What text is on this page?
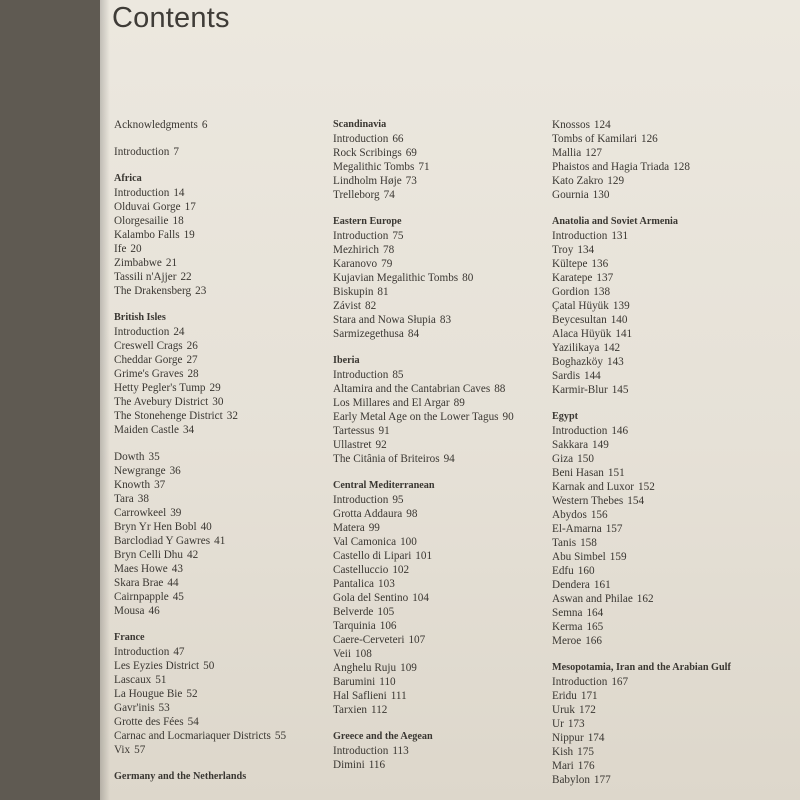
Contents
Acknowledgments 6
Introduction 7
Africa
Introduction 14
Olduvai Gorge 17
Olorgesailie 18
Kalambo Falls 19
Ife 20
Zimbabwe 21
Tassili n'Ajjer 22
The Drakensberg 23
British Isles
Introduction 24
Creswell Crags 26
Cheddar Gorge 27
Grime's Graves 28
Hetty Pegler's Tump 29
The Avebury District 30
The Stonehenge District 32
Maiden Castle 34
Dowth 35
Newgrange 36
Knowth 37
Tara 38
Carrowkeel 39
Bryn Yr Hen Bobl 40
Barclodiad Y Gawres 41
Bryn Celli Dhu 42
Maes Howe 43
Skara Brae 44
Cairnpapple 45
Mousa 46
France
Introduction 47
Les Eyzies District 50
Lascaux 51
La Hougue Bie 52
Gavr'inis 53
Grotte des Fées 54
Carnac and Locmariaquer Districts 55
Vix 57
Germany and the Netherlands
Scandinavia
Introduction 66
Rock Scribings 69
Megalithic Tombs 71
Lindholm Høje 73
Trelleborg 74
Eastern Europe
Introduction 75
Mezhirich 78
Karanovo 79
Kujavian Megalithic Tombs 80
Biskupin 81
Závist 82
Stara and Nowa Słupia 83
Sarmizegethusa 84
Iberia
Introduction 85
Altamira and the Cantabrian Caves 88
Los Millares and El Argar 89
Early Metal Age on the Lower Tagus 90
Tartessus 91
Ullastret 92
The Citânia of Briteiros 94
Central Mediterranean
Introduction 95
Grotta Addaura 98
Matera 99
Val Camonica 100
Castello di Lipari 101
Castelluccio 102
Pantalica 103
Gola del Sentino 104
Belverde 105
Tarquinia 106
Caere-Cerveteri 107
Veii 108
Anghelu Ruju 109
Barumini 110
Hal Saflieni 111
Tarxien 112
Greece and the Aegean
Introduction 113
Dimini 116
Knossos 124
Tombs of Kamilari 126
Mallia 127
Phaistos and Hagia Triada 128
Kato Zakro 129
Gournia 130
Anatolia and Soviet Armenia
Introduction 131
Troy 134
Kültepe 136
Karatepe 137
Gordion 138
Çatal Hüyük 139
Beycesultan 140
Alaca Hüyük 141
Yazilikaya 142
Boghazköy 143
Sardis 144
Karmir-Blur 145
Egypt
Introduction 146
Sakkara 149
Giza 150
Beni Hasan 151
Karnak and Luxor 152
Western Thebes 154
Abydos 156
El-Amarna 157
Tanis 158
Abu Simbel 159
Edfu 160
Dendera 161
Aswan and Philae 162
Semna 164
Kerma 165
Meroe 166
Mesopotamia, Iran and the Arabian Gulf
Introduction 167
Eridu 171
Uruk 172
Ur 173
Nippur 174
Kish 175
Mari 176
Babylon 177
